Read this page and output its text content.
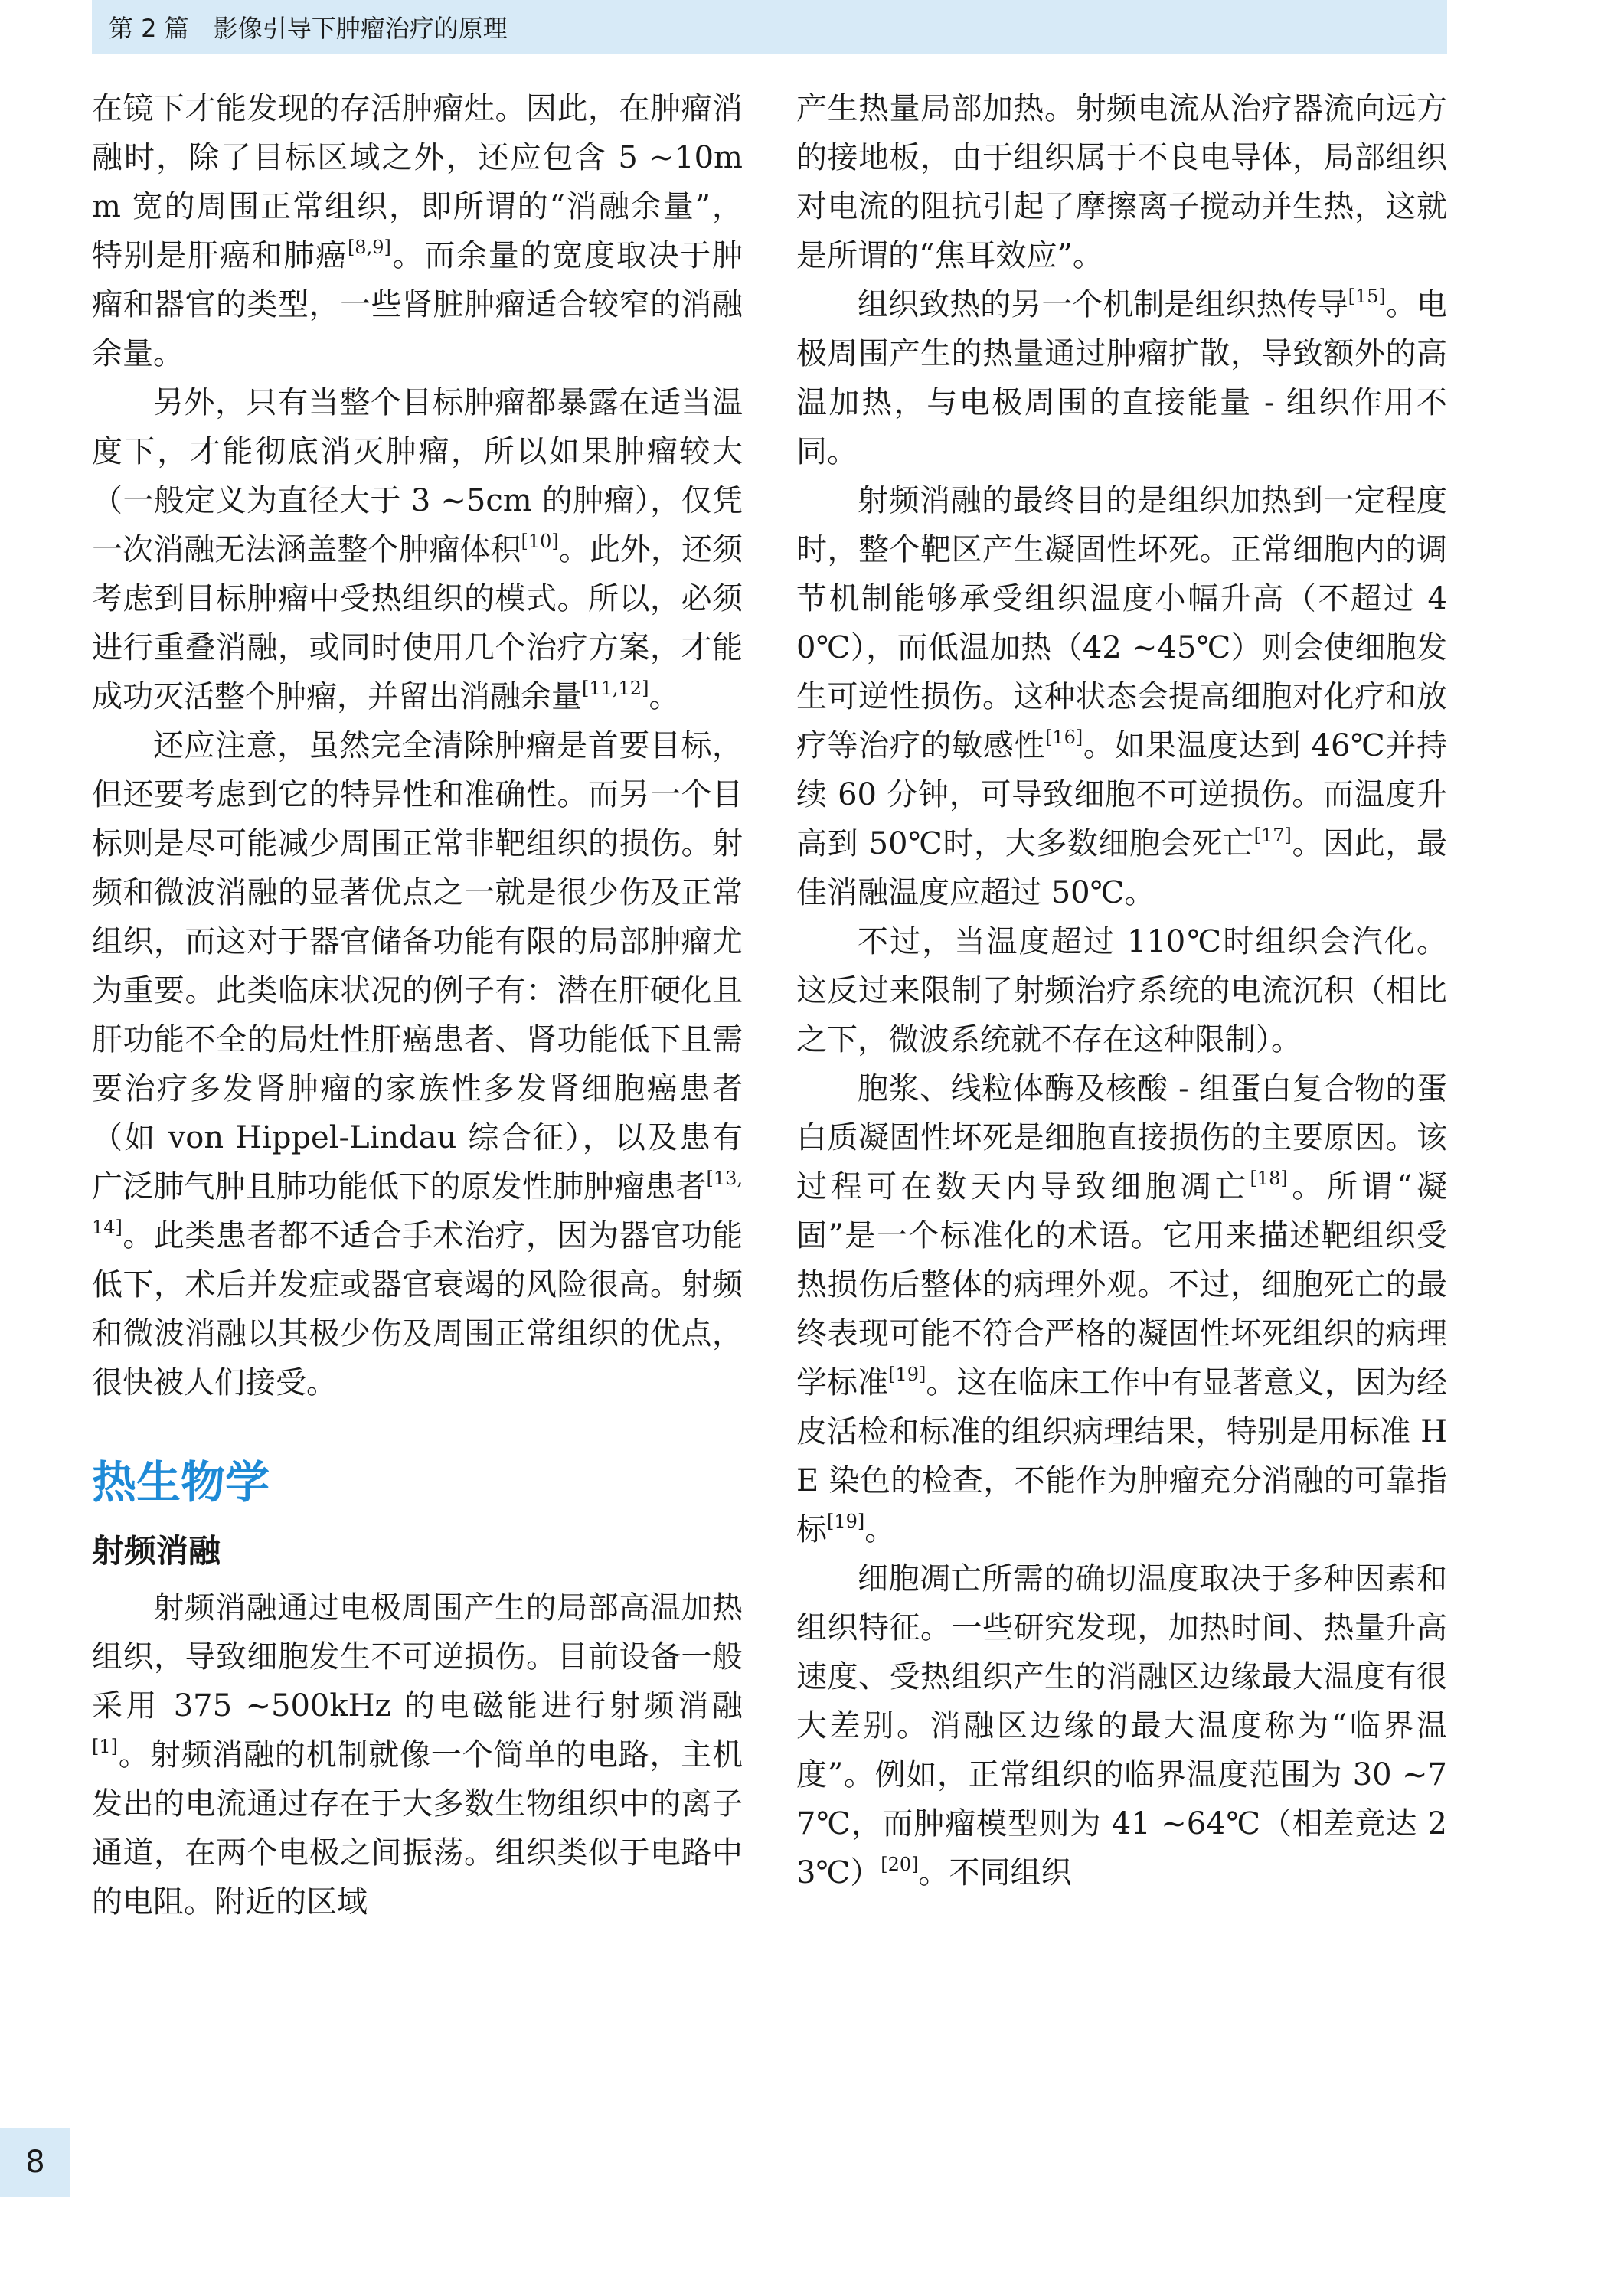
第 2 篇　影像引导下肿瘤治疗的原理

在镜下才能发现的存活肿瘤灶。因此，在肿瘤消融时，除了目标区域之外，还应包含 5 ~10mm 宽的周围正常组织，即所谓的“消融余量”，特别是肝癌和肺癌[8,9]。而余量的宽度取决于肿瘤和器官的类型，一些肾脏肿瘤适合较窄的消融余量。

另外，只有当整个目标肿瘤都暴露在适当温度下，才能彻底消灭肿瘤，所以如果肿瘤较大（一般定义为直径大于 3 ~5cm 的肿瘤），仅凭一次消融无法涵盖整个肿瘤体积[10]。此外，还须考虑到目标肿瘤中受热组织的模式。所以，必须进行重叠消融，或同时使用几个治疗方案，才能成功灭活整个肿瘤，并留出消融余量[11,12]。

还应注意，虽然完全清除肿瘤是首要目标，但还要考虑到它的特异性和准确性。而另一个目标则是尽可能减少周围正常非靶组织的损伤。射频和微波消融的显著优点之一就是很少伤及正常组织，而这对于器官储备功能有限的局部肿瘤尤为重要。此类临床状况的例子有：潜在肝硬化且肝功能不全的局灶性肝癌患者、肾功能低下且需要治疗多发肾肿瘤的家族性多发肾细胞癌患者（如 von Hippel-Lindau 综合征），以及患有广泛肺气肿且肺功能低下的原发性肺肿瘤患者[13,14]。此类患者都不适合手术治疗，因为器官功能低下，术后并发症或器官衰竭的风险很高。射频和微波消融以其极少伤及周围正常组织的优点，很快被人们接受。

热生物学
射频消融

射频消融通过电极周围产生的局部高温加热组织，导致细胞发生不可逆损伤。目前设备一般采用 375 ~500kHz 的电磁能进行射频消融[1]。射频消融的机制就像一个简单的电路，主机发出的电流通过存在于大多数生物组织中的离子通道，在两个电极之间振荡。组织类似于电路中的电阻。附近的区域

产生热量局部加热。射频电流从治疗器流向远方的接地板，由于组织属于不良电导体，局部组织对电流的阻抗引起了摩擦离子搅动并生热，这就是所谓的“焦耳效应”。

组织致热的另一个机制是组织热传导[15]。电极周围产生的热量通过肿瘤扩散，导致额外的高温加热，与电极周围的直接能量 - 组织作用不同。

射频消融的最终目的是组织加热到一定程度时，整个靶区产生凝固性坏死。正常细胞内的调节机制能够承受组织温度小幅升高（不超过 40℃），而低温加热（42 ~45℃）则会使细胞发生可逆性损伤。这种状态会提高细胞对化疗和放疗等治疗的敏感性[16]。如果温度达到 46℃并持续 60 分钟，可导致细胞不可逆损伤。而温度升高到 50℃时，大多数细胞会死亡[17]。因此，最佳消融温度应超过 50℃。

不过，当温度超过 110℃时组织会汽化。这反过来限制了射频治疗系统的电流沉积（相比之下，微波系统就不存在这种限制）。

胞浆、线粒体酶及核酸 - 组蛋白复合物的蛋白质凝固性坏死是细胞直接损伤的主要原因。该过程可在数天内导致细胞凋亡[18]。所谓“凝固”是一个标准化的术语。它用来描述靶组织受热损伤后整体的病理外观。不过，细胞死亡的最终表现可能不符合严格的凝固性坏死组织的病理学标准[19]。这在临床工作中有显著意义，因为经皮活检和标准的组织病理结果，特别是用标准 HE 染色的检查，不能作为肿瘤充分消融的可靠指标[19]。

细胞凋亡所需的确切温度取决于多种因素和组织特征。一些研究发现，加热时间、热量升高速度、受热组织产生的消融区边缘最大温度有很大差别。消融区边缘的最大温度称为“临界温度”。例如，正常组织的临界温度范围为 30 ~77℃，而肿瘤模型则为 41 ~64℃（相差竟达 23℃）[20]。不同组织

8
